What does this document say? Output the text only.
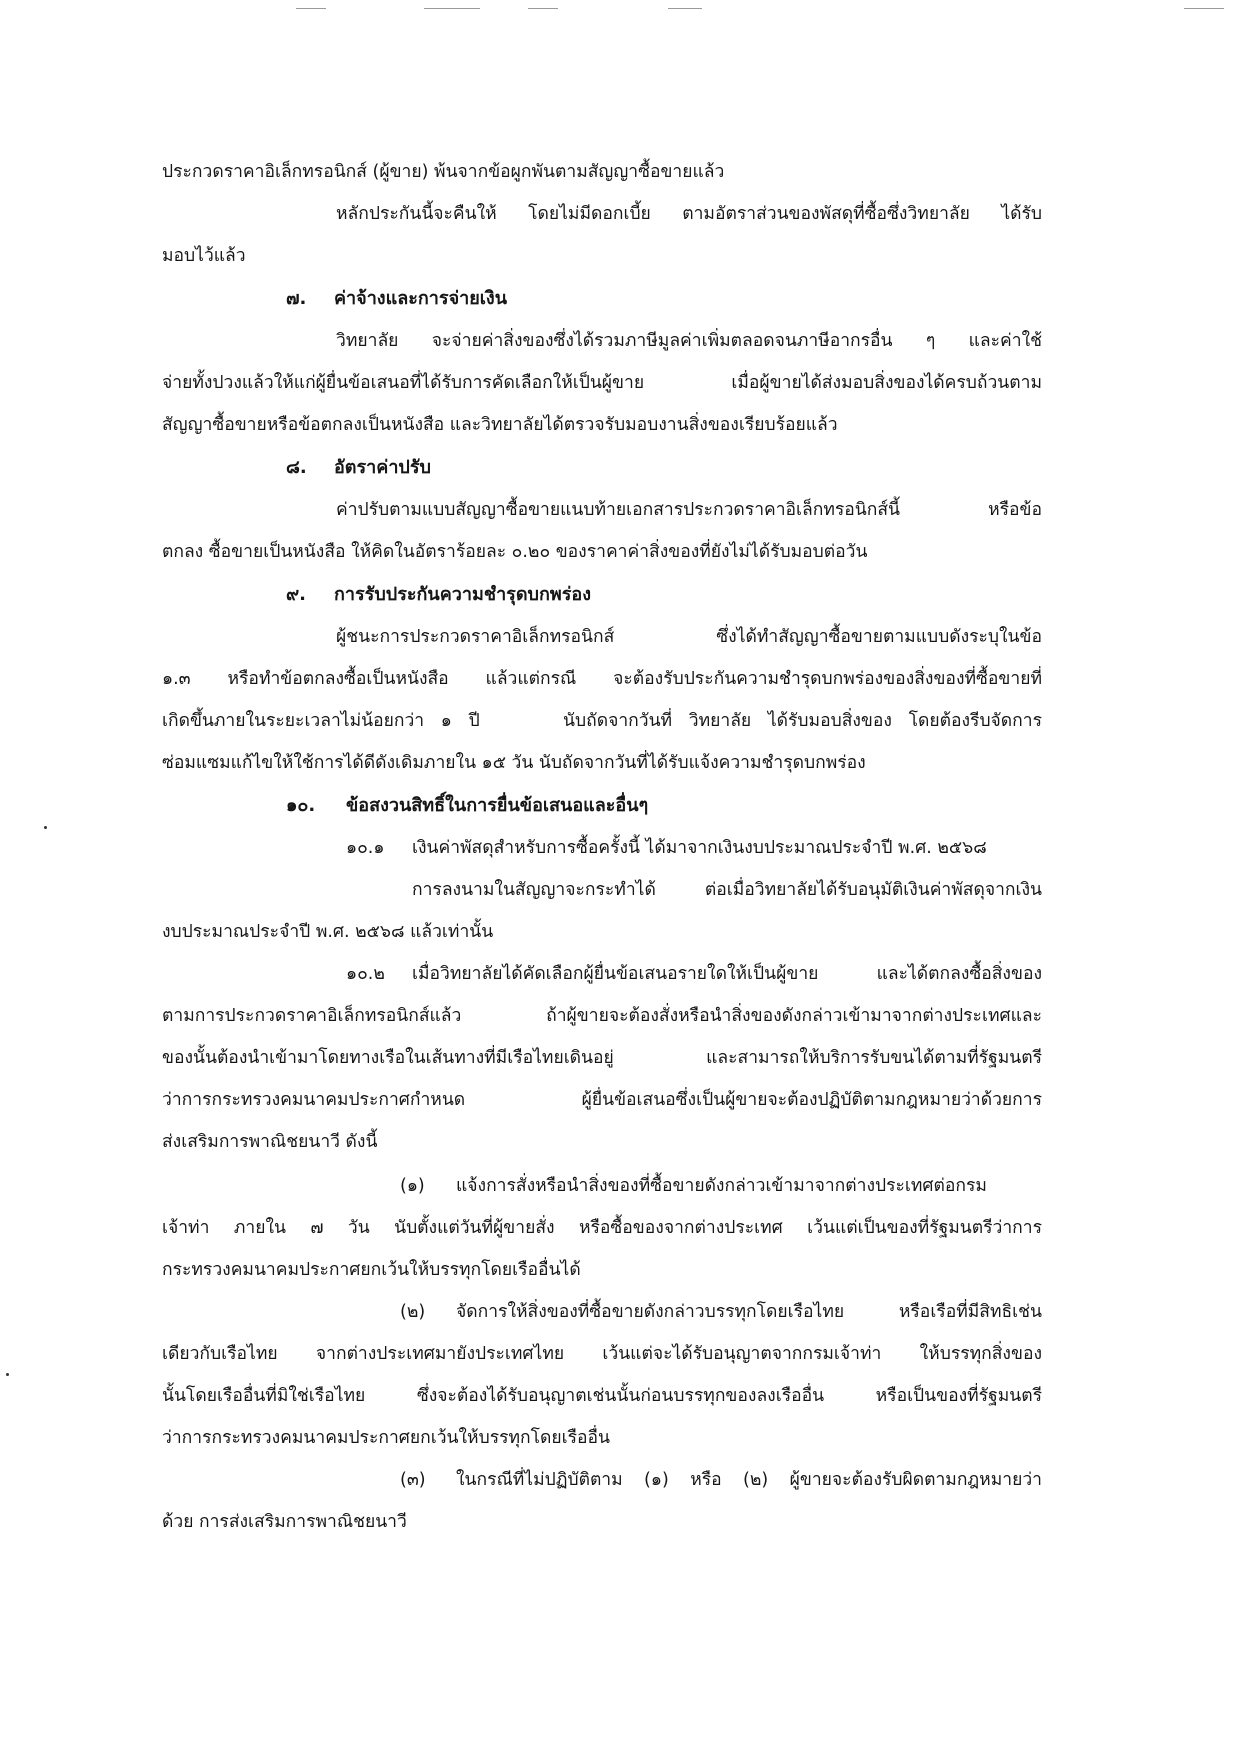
ประกวดราคาอิเล็กทรอนิกส์ (ผู้ขาย) พ้นจากข้อผูกพันตามสัญญาซื้อขายแล้ว
หลักประกันนี้จะคืนให้ โดยไม่มีดอกเบี้ย ตามอัตราส่วนของพัสดุที่ซื้อซึ่งวิทยาลัย ได้รับ
มอบไว้แล้ว
๗. ค่าจ้างและการจ่ายเงิน
วิทยาลัย จะจ่ายค่าสิ่งของซึ่งได้รวมภาษีมูลค่าเพิ่มตลอดจนภาษีอากรอื่น ๆ และค่าใช้
จ่ายทั้งปวงแล้วให้แก่ผู้ยื่นข้อเสนอที่ได้รับการคัดเลือกให้เป็นผู้ขาย เมื่อผู้ขายได้ส่งมอบสิ่งของได้ครบถ้วนตาม
สัญญาซื้อขายหรือข้อตกลงเป็นหนังสือ และวิทยาลัยได้ตรวจรับมอบงานสิ่งของเรียบร้อยแล้ว
๘. อัตราค่าปรับ
ค่าปรับตามแบบสัญญาซื้อขายแนบท้ายเอกสารประกวดราคาอิเล็กทรอนิกส์นี้ หรือข้อ
ตกลง ซื้อขายเป็นหนังสือ ให้คิดในอัตราร้อยละ ๐.๒๐ ของราคาค่าสิ่งของที่ยังไม่ได้รับมอบต่อวัน
๙. การรับประกันความชำรุดบกพร่อง
ผู้ชนะการประกวดราคาอิเล็กทรอนิกส์ ซึ่งได้ทำสัญญาซื้อขายตามแบบดังระบุในข้อ
๑.๓ หรือทำข้อตกลงซื้อเป็นหนังสือ แล้วแต่กรณี จะต้องรับประกันความชำรุดบกพร่องของสิ่งของที่ซื้อขายที่
เกิดขึ้นภายในระยะเวลาไม่น้อยกว่า ๑ ปี     นับถัดจากวันที่ วิทยาลัย ได้รับมอบสิ่งของ โดยต้องรีบจัดการ
ซ่อมแซมแก้ไขให้ใช้การได้ดีดังเดิมภายใน ๑๕ วัน นับถัดจากวันที่ได้รับแจ้งความชำรุดบกพร่อง
๑๐. ข้อสงวนสิทธิ์ในการยื่นข้อเสนอและอื่นๆ
๑๐.๑ เงินค่าพัสดุสำหรับการซื้อครั้งนี้ ได้มาจากเงินงบประมาณประจำปี พ.ศ. ๒๕๖๘
การลงนามในสัญญาจะกระทำได้ ต่อเมื่อวิทยาลัยได้รับอนุมัติเงินค่าพัสดุจากเงิน
งบประมาณประจำปี พ.ศ. ๒๕๖๘ แล้วเท่านั้น
๑๐.๒ เมื่อวิทยาลัยได้คัดเลือกผู้ยื่นข้อเสนอรายใดให้เป็นผู้ขาย และได้ตกลงซื้อสิ่งของ
ตามการประกวดราคาอิเล็กทรอนิกส์แล้ว ถ้าผู้ขายจะต้องสั่งหรือนำสิ่งของดังกล่าวเข้ามาจากต่างประเทศและ
ของนั้นต้องนำเข้ามาโดยทางเรือในเส้นทางที่มีเรือไทยเดินอยู่ และสามารถให้บริการรับขนได้ตามที่รัฐมนตรี
ว่าการกระทรวงคมนาคมประกาศกำหนด ผู้ยื่นข้อเสนอซึ่งเป็นผู้ขายจะต้องปฏิบัติตามกฎหมายว่าด้วยการ
ส่งเสริมการพาณิชยนาวี ดังนี้
(๑) แจ้งการสั่งหรือนำสิ่งของที่ซื้อขายดังกล่าวเข้ามาจากต่างประเทศต่อกรม
เจ้าท่า ภายใน ๗ วัน นับตั้งแต่วันที่ผู้ขายสั่ง หรือซื้อของจากต่างประเทศ เว้นแต่เป็นของที่รัฐมนตรีว่าการ
กระทรวงคมนาคมประกาศยกเว้นให้บรรทุกโดยเรืออื่นได้
(๒) จัดการให้สิ่งของที่ซื้อขายดังกล่าวบรรทุกโดยเรือไทย หรือเรือที่มีสิทธิเช่น
เดียวกับเรือไทย จากต่างประเทศมายังประเทศไทย เว้นแต่จะได้รับอนุญาตจากกรมเจ้าท่า ให้บรรทุกสิ่งของ
นั้นโดยเรืออื่นที่มิใช่เรือไทย ซึ่งจะต้องได้รับอนุญาตเช่นนั้นก่อนบรรทุกของลงเรืออื่น หรือเป็นของที่รัฐมนตรี
ว่าการกระทรวงคมนาคมประกาศยกเว้นให้บรรทุกโดยเรืออื่น
(๓) ในกรณีที่ไม่ปฏิบัติตาม (๑) หรือ (๒) ผู้ขายจะต้องรับผิดตามกฎหมายว่า
ด้วย การส่งเสริมการพาณิชยนาวี
